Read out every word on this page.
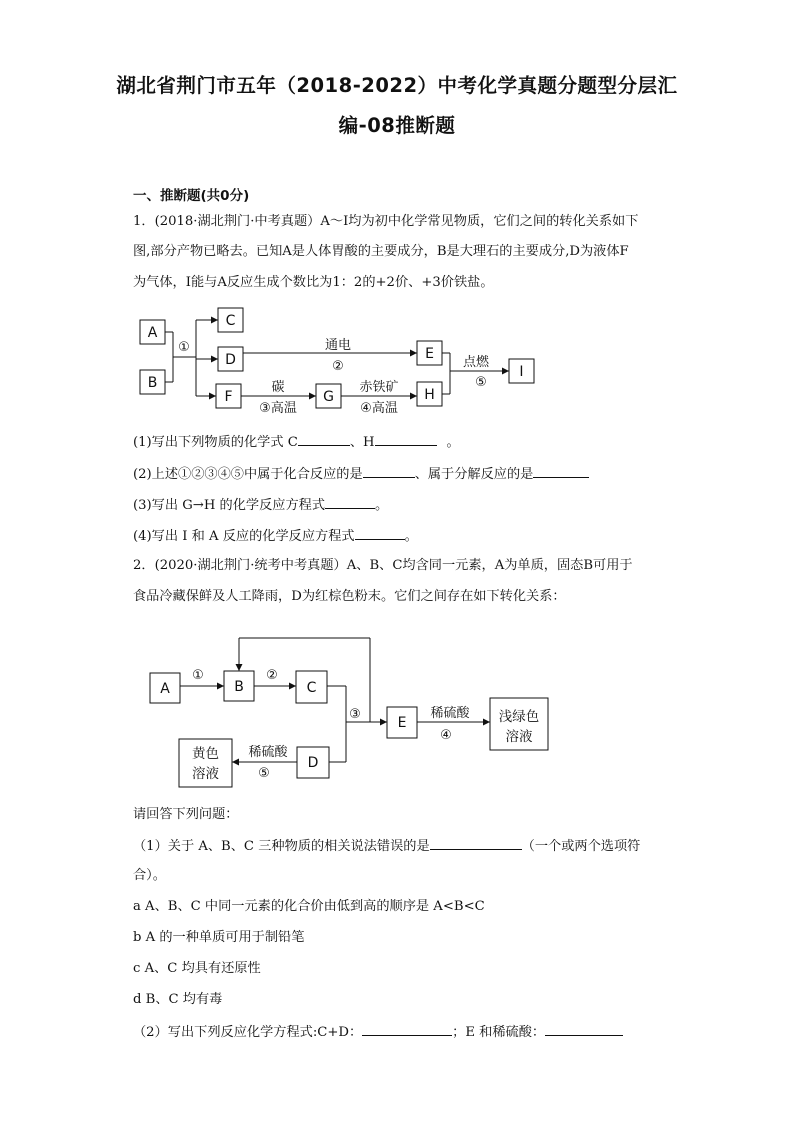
湖北省荆门市五年（2018-2022）中考化学真题分题型分层汇
编-08推断题
一、推断题(共0分)
1．(2018·湖北荆门·中考真题）A～I均为初中化学常见物质，它们之间的转化关系如下
图,部分产物已略去。已知A是人体胃酸的主要成分，B是大理石的主要成分,D为液体F
为气体，I能与A反应生成个数比为1：2的+2价、+3价铁盐。
A
B
C
D
F	G
E
H
I
①	通电
②
碳
③高温
赤铁矿
④高温
点燃
⑤
(1)写出下列物质的化学式 C	、H	。
(2)上述①②③④⑤中属于化合反应的是	、属于分解反应的是
(3)写出 G→H 的化学反应方程式	。
(4)写出 I 和 A 反应的化学反应方程式	。
2．(2020·湖北荆门·统考中考真题）A、B、C均含同一元素，A为单质，固态B可用于
食品冷藏保鲜及人工降雨，D为红棕色粉末。它们之间存在如下转化关系：
A	B	C
E
D
浅绿色
溶液
黄色
溶液
①	②
③	稀硫酸
④
稀硫酸
⑤
请回答下列问题：
（1）关于 A、B、C 三种物质的相关说法错误的是	（一个或两个选项符
合）。
a A、B、C 中同一元素的化合价由低到高的顺序是 A<B<C
b A 的一种单质可用于制铅笔
c A、C 均具有还原性
d B、C 均有毒
（2）写出下列反应化学方程式:C+D：	；E 和稀硫酸：
